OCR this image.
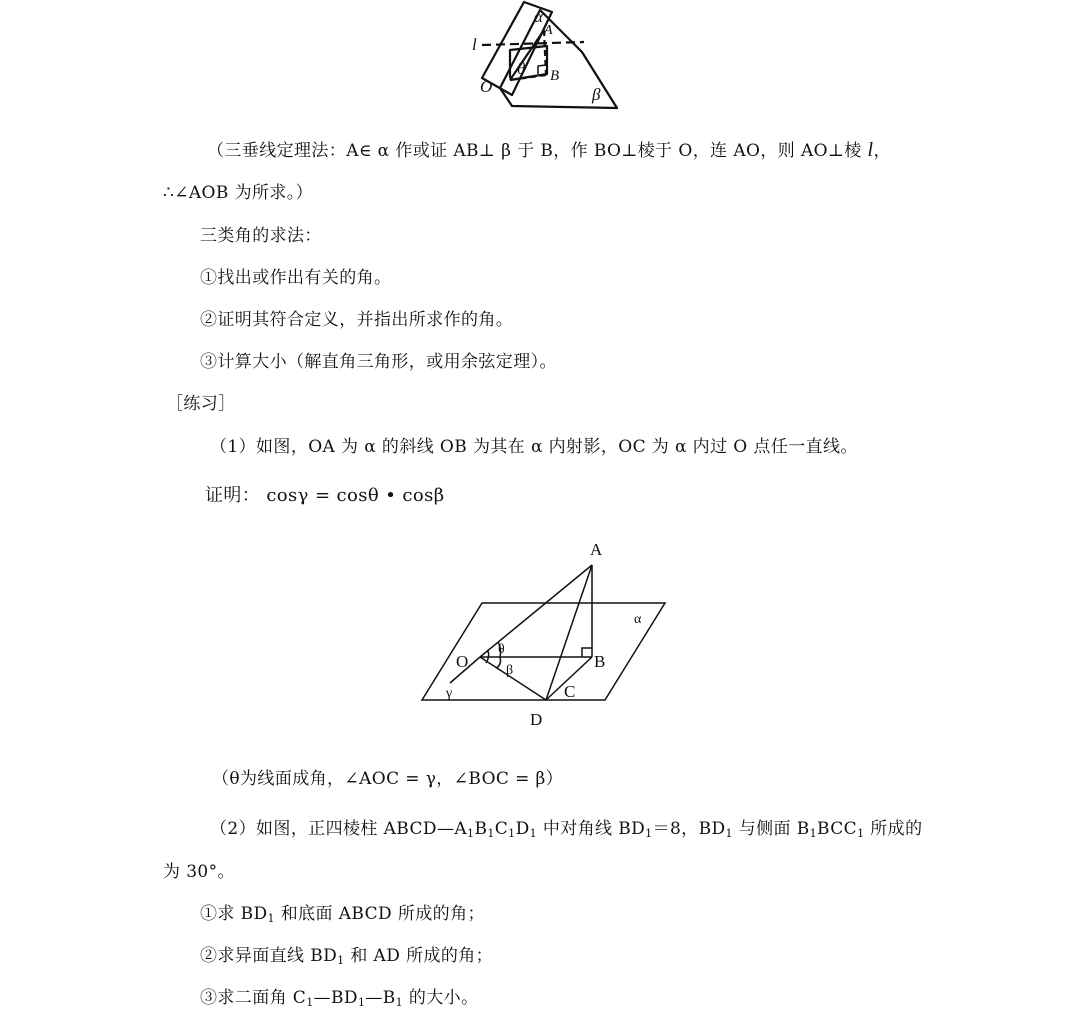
α
A
l
θ B
O	β
（三垂线定理法：A∈ α 作或证 AB⊥ β 于 B，作 BO⊥棱于 O，连 AO，则 AO⊥棱 l，
∴∠AOB 为所求。）
三类角的求法：
①找出或作出有关的角。
②证明其符合定义，并指出所求作的角。
③计算大小（解直角三角形，或用余弦定理）。
［练习］
（1）如图，OA 为 α 的斜线 OB 为其在 α 内射影，OC 为 α 内过 O 点任一直线。
证明： cosγ = cosθ • cosβ
A
α
O
θ
B
β
γ	C
D
（θ为线面成角，∠AOC = γ，∠BOC = β）
（2）如图，正四棱柱 $ABCD—A_1B_1C_1D_1$ 中对角线 $BD_1=8$，$BD_1$ 与侧面 $B_1BCC_1$ 所成的
为 30°。
①求 $BD_1$ 和底面 ABCD 所成的角；
②求异面直线 $BD_1$ 和 AD 所成的角；
③求二面角 $C_1—BD_1—B_1$ 的大小。
